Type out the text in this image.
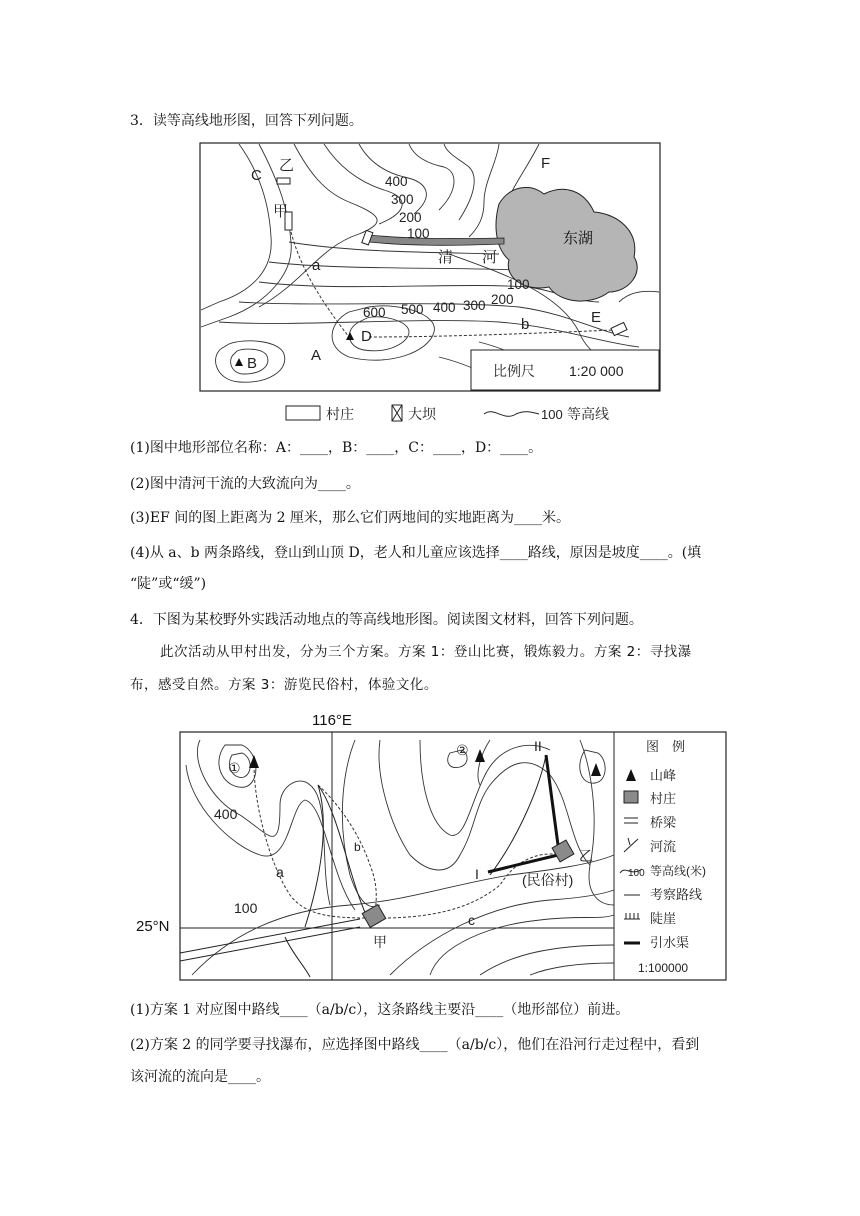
3．读等高线地形图，回答下列问题。
C
乙
甲
F
A
B
D
E
a
b
400
300
200
100
100
200
600 500 400 300
东湖
清 河
比例尺 1:20 000
村庄	大坝	100 等高线
(1)图中地形部位名称：A：____，B：____，C：____，D：____。
(2)图中清河干流的大致流向为____。
(3)EF 间的图上距离为 2 厘米，那么它们两地间的实地距离为____米。
(4)从 a、b 两条路线，登山到山顶 D，老人和儿童应该选择____路线，原因是坡度____。(填
“陡”或“缓”)
4．下图为某校野外实践活动地点的等高线地形图。阅读图文材料，回答下列问题。
此次活动从甲村出发，分为三个方案。方案 1：登山比赛，锻炼毅力。方案 2：寻找瀑
布，感受自然。方案 3：游览民俗村，体验文化。
116°E
25°N
①
②
400
100
a
b
c
I
II
甲
乙
(民俗村)
图　例
山峰
村庄
桥梁
河流
100 等高线(米)
考察路线
陡崖
引水渠
1:100000
(1)方案 1 对应图中路线____（a/b/c），这条路线主要沿____（地形部位）前进。
(2)方案 2 的同学要寻找瀑布，应选择图中路线____（a/b/c），他们在沿河行走过程中，看到
该河流的流向是____。
